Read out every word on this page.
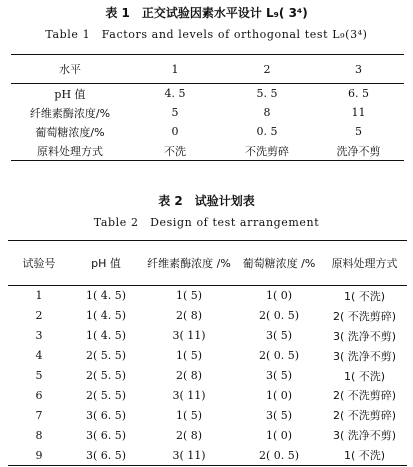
表 1　正交试验因素水平设计 L₉( 3⁴)
Table 1　Factors and levels of orthogonal test L₉(3⁴)
水平	1	2	3
pH 值	4. 5	5. 5	6. 5
纤维素酶浓度/%	5	8	11
葡萄糖浓度/%	0	0. 5	5
原料处理方式	不洗	不洗剪碎	洗净不剪
表 2　试验计划表
Table 2　Design of test arrangement
试验号	pH 值	纤维素酶浓度 /%	葡萄糖浓度 /%	原料处理方式
1	1( 4. 5)	1( 5)	1( 0)	1( 不洗)
2	1( 4. 5)	2( 8)	2( 0. 5)	2( 不洗剪碎)
3	1( 4. 5)	3( 11)	3( 5)	3( 洗净不剪)
4	2( 5. 5)	1( 5)	2( 0. 5)	3( 洗净不剪)
5	2( 5. 5)	2( 8)	3( 5)	1( 不洗)
6	2( 5. 5)	3( 11)	1( 0)	2( 不洗剪碎)
7	3( 6. 5)	1( 5)	3( 5)	2( 不洗剪碎)
8	3( 6. 5)	2( 8)	1( 0)	3( 洗净不剪)
9	3( 6. 5)	3( 11)	2( 0. 5)	1( 不洗)
